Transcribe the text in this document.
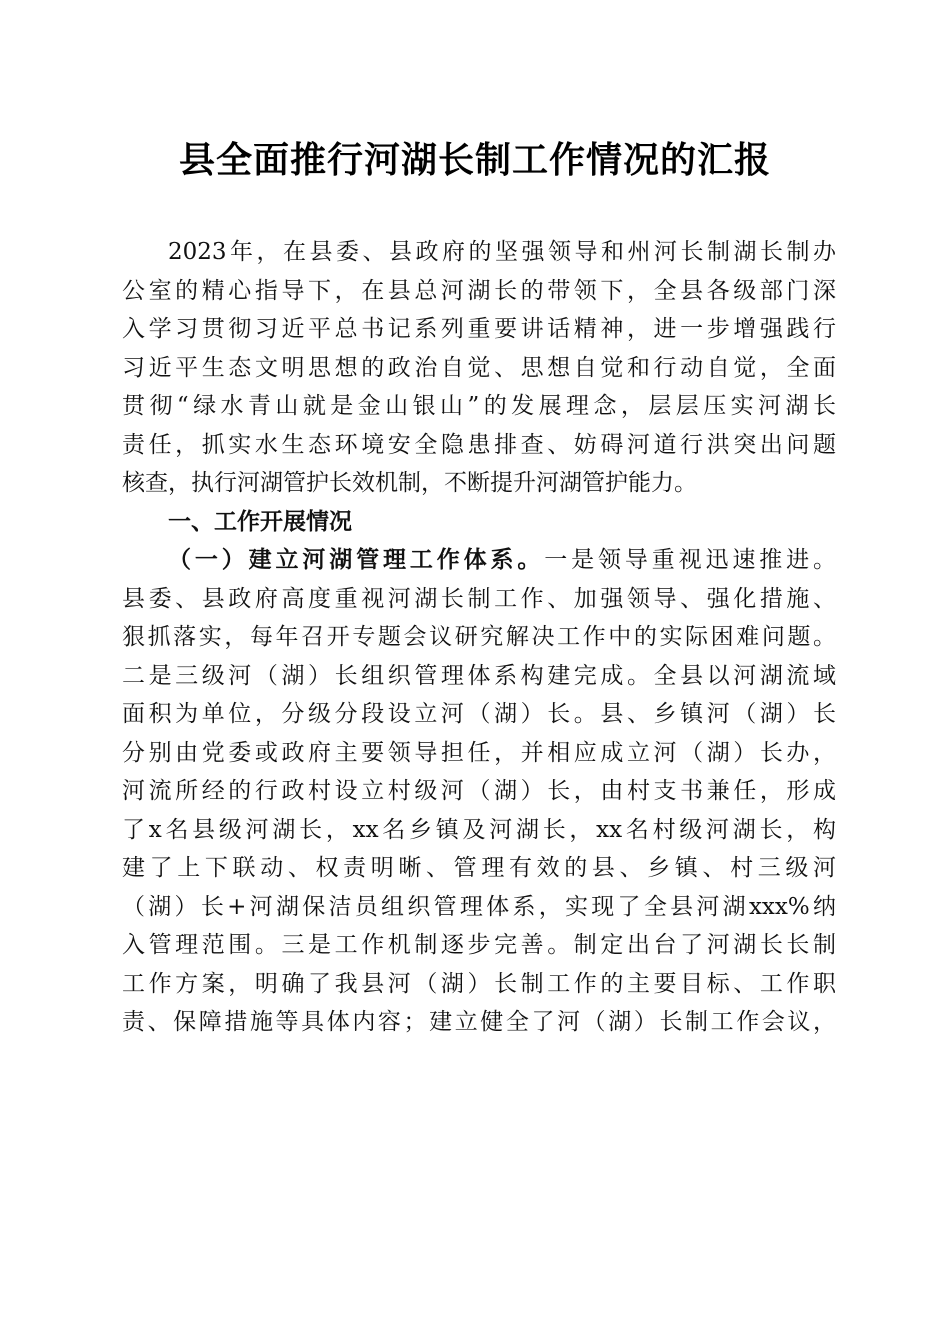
县全面推行河湖长制工作情况的汇报
2023年，在县委、县政府的坚强领导和州河长制湖长制办
公室的精心指导下，在县总河湖长的带领下，全县各级部门深
入学习贯彻习近平总书记系列重要讲话精神，进一步增强践行
习近平生态文明思想的政治自觉、思想自觉和行动自觉，全面
贯彻“绿水青山就是金山银山”的发展理念，层层压实河湖长
责任，抓实水生态环境安全隐患排查、妨碍河道行洪突出问题
核查，执行河湖管护长效机制，不断提升河湖管护能力。
一、工作开展情况
（一）建立河湖管理工作体系。一是领导重视迅速推进。
县委、县政府高度重视河湖长制工作、加强领导、强化措施、
狠抓落实，每年召开专题会议研究解决工作中的实际困难问题。
二是三级河（湖）长组织管理体系构建完成。全县以河湖流域
面积为单位，分级分段设立河（湖）长。县、乡镇河（湖）长
分别由党委或政府主要领导担任，并相应成立河（湖）长办，
河流所经的行政村设立村级河（湖）长，由村支书兼任，形成
了x名县级河湖长，xx名乡镇及河湖长，xx名村级河湖长，构
建了上下联动、权责明晰、管理有效的县、乡镇、村三级河
（湖）长+河湖保洁员组织管理体系，实现了全县河湖xxx%纳
入管理范围。三是工作机制逐步完善。制定出台了河湖长长制
工作方案，明确了我县河（湖）长制工作的主要目标、工作职
责、保障措施等具体内容；建立健全了河（湖）长制工作会议，
